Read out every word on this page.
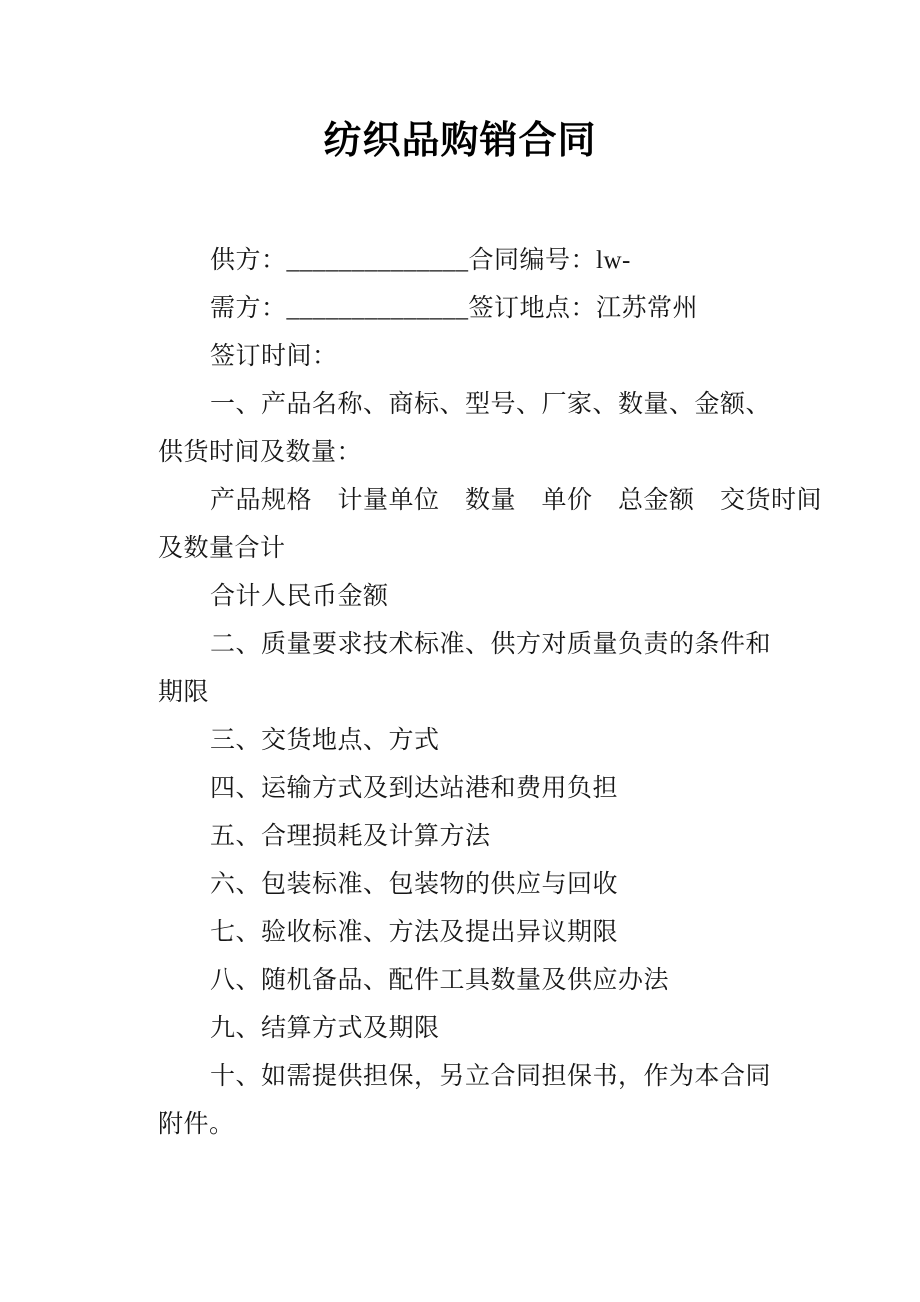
纺织品购销合同
供方：______________合同编号：lw-
需方：______________签订地点：江苏常州
签订时间：
一、产品名称、商标、型号、厂家、数量、金额、
供货时间及数量：
产品规格　计量单位　数量　单价　总金额　交货时间
及数量合计
合计人民币金额
二、质量要求技术标准、供方对质量负责的条件和
期限
三、交货地点、方式
四、运输方式及到达站港和费用负担
五、合理损耗及计算方法
六、包装标准、包装物的供应与回收
七、验收标准、方法及提出异议期限
八、随机备品、配件工具数量及供应办法
九、结算方式及期限
十、如需提供担保，另立合同担保书，作为本合同
附件。
